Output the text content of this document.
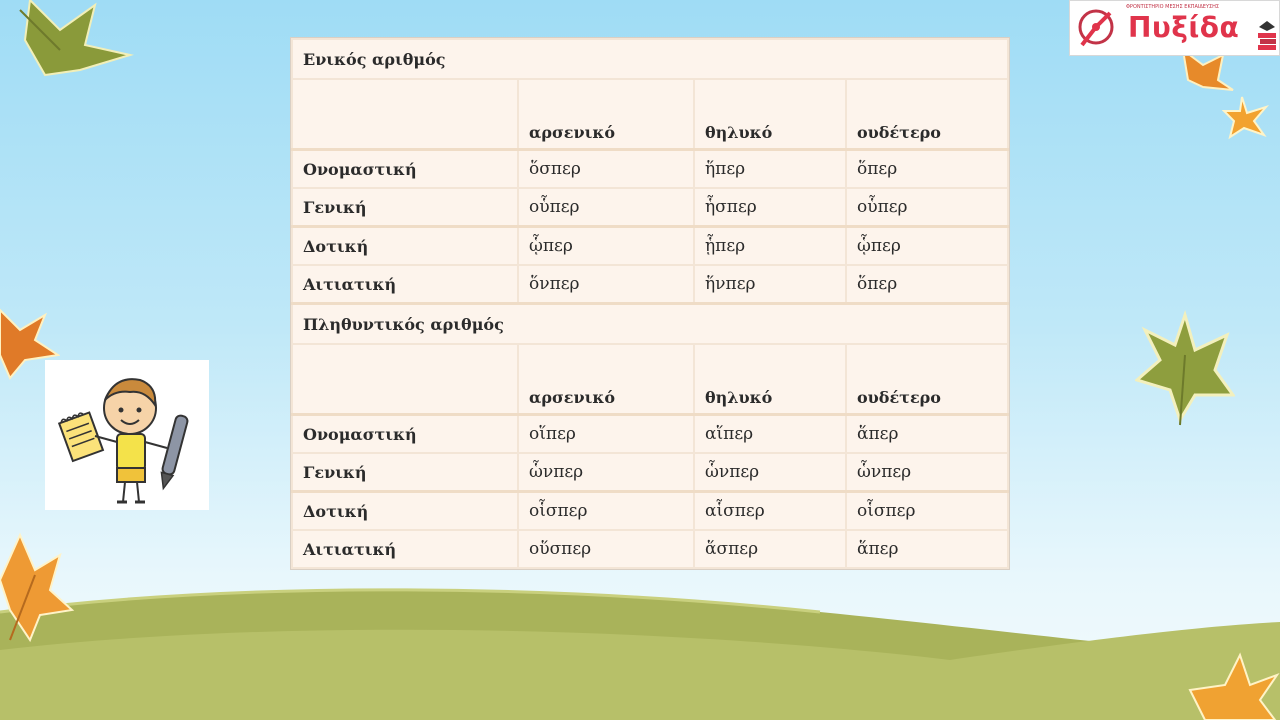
ΦΡΟΝΤΙΣΤΗΡΙΟ ΜΕΣΗΣ ΕΚΠΑΙΔΕΥΣΗΣ
Πυξίδα
Ενικός αριθμός			
	αρσενικό	θηλυκό	ουδέτερο
Ονομαστική	ὅσπερ	ἥπερ	ὅπερ
Γενική	οὗπερ	ἧσπερ	οὗπερ
Δοτική	ᾧπερ	ᾗπερ	ᾧπερ
Αιτιατική	ὅνπερ	ἥνπερ	ὅπερ
Πληθυντικός αριθμός			
	αρσενικό	θηλυκό	ουδέτερο
Ονομαστική	οἵπερ	αἵπερ	ἅπερ
Γενική	ὧνπερ	ὧνπερ	ὧνπερ
Δοτική	οἷσπερ	αἷσπερ	οἷσπερ
Αιτιατική	οὕσπερ	ἅσπερ	ἅπερ
